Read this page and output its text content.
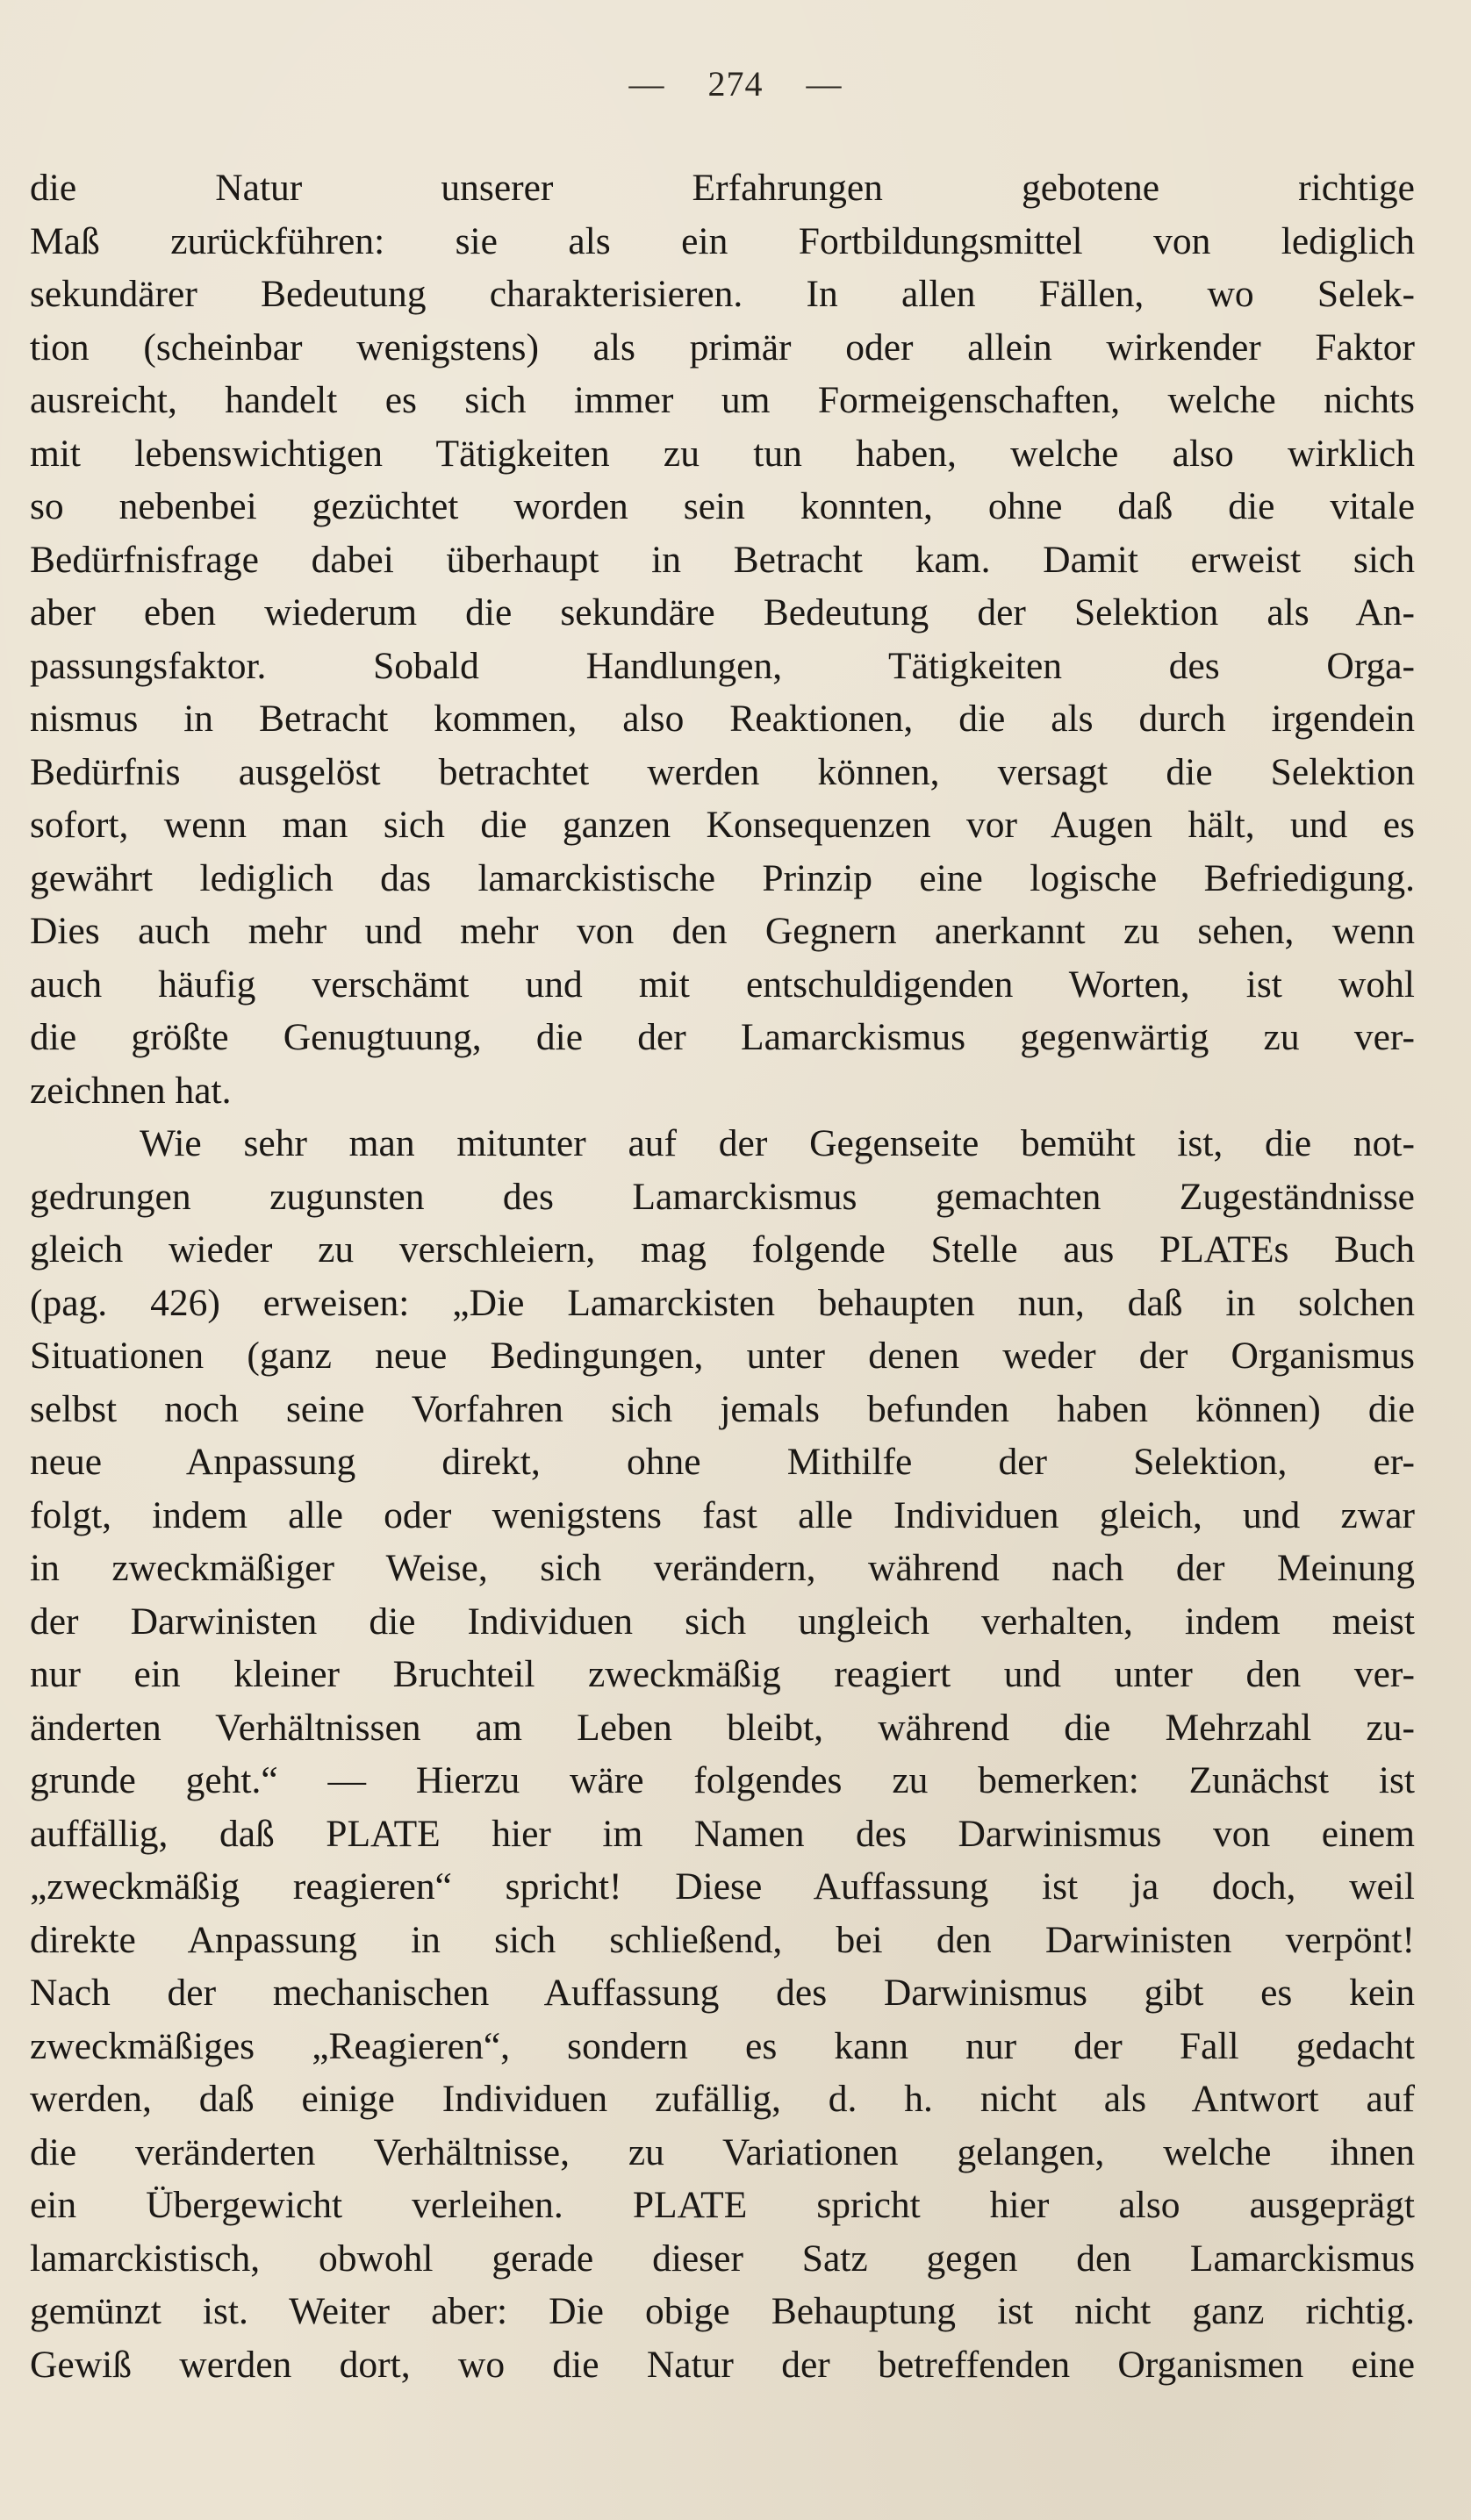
— 274 —
die Natur unserer Erfahrungen gebotene richtige
Maß zurückführen: sie als ein Fortbildungsmittel von lediglich
sekundärer Bedeutung charakterisieren. In allen Fällen, wo Selek-
tion (scheinbar wenigstens) als primär oder allein wirkender Faktor
ausreicht, handelt es sich immer um Formeigenschaften, welche nichts
mit lebenswichtigen Tätigkeiten zu tun haben, welche also wirklich
so nebenbei gezüchtet worden sein konnten, ohne daß die vitale
Bedürfnisfrage dabei überhaupt in Betracht kam. Damit erweist sich
aber eben wiederum die sekundäre Bedeutung der Selektion als An-
passungsfaktor. Sobald Handlungen, Tätigkeiten des Orga-
nismus in Betracht kommen, also Reaktionen, die als durch irgendein
Bedürfnis ausgelöst betrachtet werden können, versagt die Selektion
sofort, wenn man sich die ganzen Konsequenzen vor Augen hält, und es
gewährt lediglich das lamarckistische Prinzip eine logische Befriedigung.
Dies auch mehr und mehr von den Gegnern anerkannt zu sehen, wenn
auch häufig verschämt und mit entschuldigenden Worten, ist wohl
die größte Genugtuung, die der Lamarckismus gegenwärtig zu ver-
zeichnen hat.
Wie sehr man mitunter auf der Gegenseite bemüht ist, die not-
gedrungen zugunsten des Lamarckismus gemachten Zugeständnisse
gleich wieder zu verschleiern, mag folgende Stelle aus PLATEs Buch
(pag. 426) erweisen: „Die Lamarckisten behaupten nun, daß in solchen
Situationen (ganz neue Bedingungen, unter denen weder der Organismus
selbst noch seine Vorfahren sich jemals befunden haben können) die
neue Anpassung direkt, ohne Mithilfe der Selektion, er-
folgt, indem alle oder wenigstens fast alle Individuen gleich, und zwar
in zweckmäßiger Weise, sich verändern, während nach der Meinung
der Darwinisten die Individuen sich ungleich verhalten, indem meist
nur ein kleiner Bruchteil zweckmäßig reagiert und unter den ver-
änderten Verhältnissen am Leben bleibt, während die Mehrzahl zu-
grunde geht.“ — Hierzu wäre folgendes zu bemerken: Zunächst ist
auffällig, daß PLATE hier im Namen des Darwinismus von einem
„zweckmäßig reagieren“ spricht! Diese Auffassung ist ja doch, weil
direkte Anpassung in sich schließend, bei den Darwinisten verpönt!
Nach der mechanischen Auffassung des Darwinismus gibt es kein
zweckmäßiges „Reagieren“, sondern es kann nur der Fall gedacht
werden, daß einige Individuen zufällig, d. h. nicht als Antwort auf
die veränderten Verhältnisse, zu Variationen gelangen, welche ihnen
ein Übergewicht verleihen. PLATE spricht hier also ausgeprägt
lamarckistisch, obwohl gerade dieser Satz gegen den Lamarckismus
gemünzt ist. Weiter aber: Die obige Behauptung ist nicht ganz richtig.
Gewiß werden dort, wo die Natur der betreffenden Organismen eine
